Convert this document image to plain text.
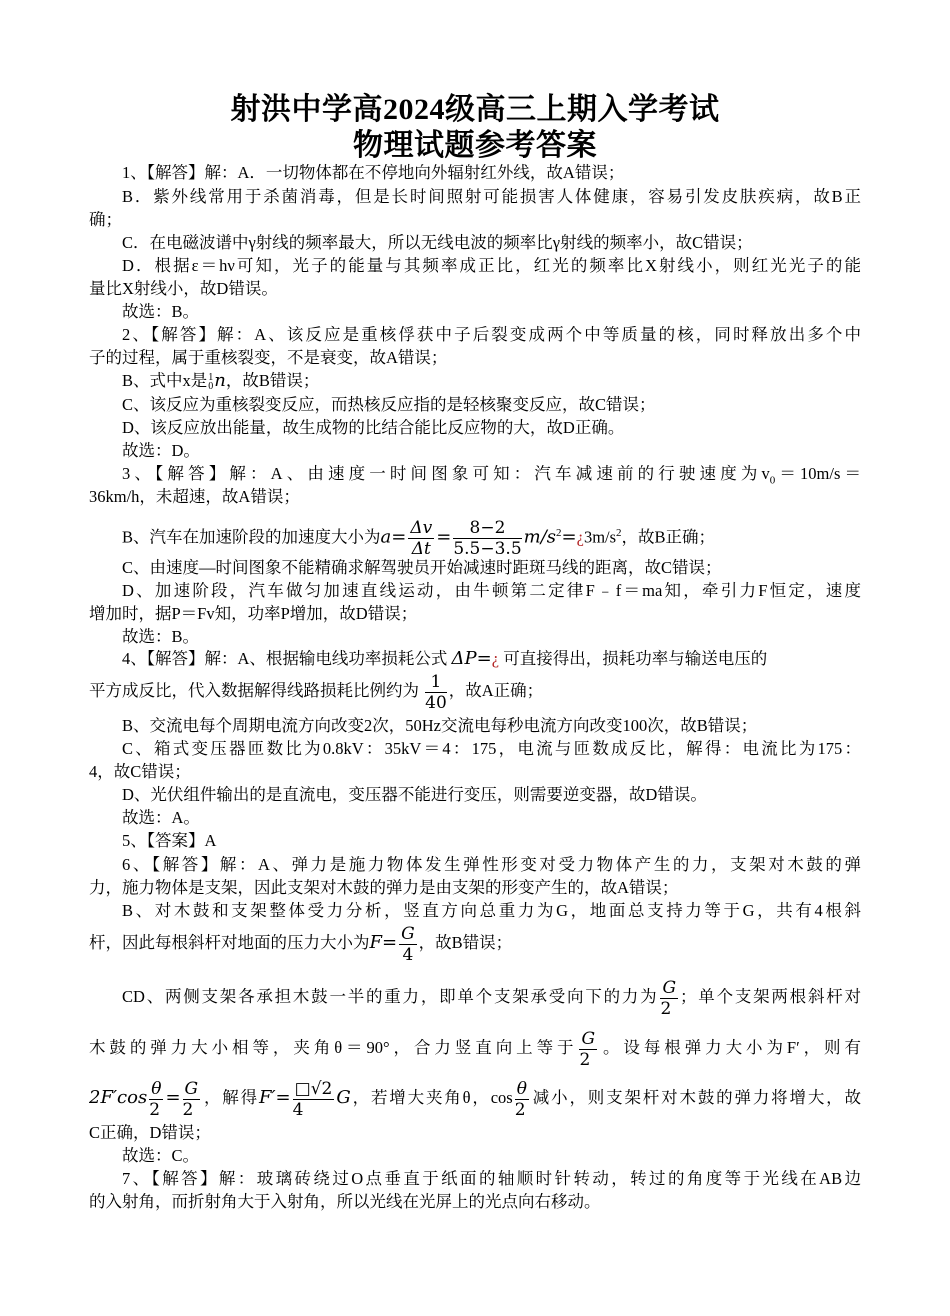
射洪中学高2024级高三上期入学考试
物理试题参考答案
1、【解答】解：A．一切物体都在不停地向外辐射红外线，故A错误；
B．紫外线常用于杀菌消毒，但是长时间照射可能损害人体健康，容易引发皮肤疾病，故B正
确；
C．在电磁波谱中γ射线的频率最大，所以无线电波的频率比γ射线的频率小，故C错误；
D．根据ε＝hν可知，光子的能量与其频率成正比，红光的频率比X射线小，则红光光子的能
量比X射线小，故D错误。
故选：B。
2、【解答】解：A、该反应是重核俘获中子后裂变成两个中等质量的核，同时释放出多个中
子的过程，属于重核裂变，不是衰变，故A错误；
B、式中x是 1
0 n，故B错误；
C、该反应为重核裂变反应，而热核反应指的是轻核聚变反应，故C错误；
D、该反应放出能量，故生成物的比结合能比反应物的大，故D正确。
故选：D。
3、【解答】解：A、由速度一时间图象可知：汽车减速前的行驶速度为$v_0=10m/s=$
36km/h，未超速，故A错误；
B、汽车在加速阶段的加速度大小为$a= \frac{\Delta v}{\Delta t} = \frac{8-2}{5.5-3.5}$ $m/s^2=¿3m/s^2$，故B正确；
C、由速度—时间图象不能精确求解驾驶员开始减速时距斑马线的距离，故C错误；
D、加速阶段，汽车做匀加速直线运动，由牛顿第二定律F﹣f＝ma知，牵引力F恒定，速度
增加时，据P＝Fv知，功率P增加，故D错误；
故选：B。
4、【解答】解：A、根据输电线功率损耗公式 ΔP=¿ 可直接得出，损耗功率与输送电压的
平方成反比，代入数据解得线路损耗比例约为 $\frac{1}{40}$ ，故A正确；
B、交流电每个周期电流方向改变2次，50Hz交流电每秒电流方向改变100次，故B错误；
C、箱式变压器匝数比为0.8kV：35kV＝4：175，电流与匝数成反比，解得：电流比为175：
4，故C错误；
D、光伏组件输出的是直流电，变压器不能进行变压，则需要逆变器，故D错误。
故选：A。
5、【答案】A
6、【解答】解：A、弹力是施力物体发生弹性形变对受力物体产生的力，支架对木鼓的弹
力，施力物体是支架，因此支架对木鼓的弹力是由支架的形变产生的，故A错误；
B、对木鼓和支架整体受力分析，竖直方向总重力为G，地面总支持力等于G，共有4根斜
杆，因此每根斜杆对地面的压力大小为$F= \frac{G}{4}$ ，故B错误；
CD、两侧支架各承担木鼓一半的重力，即单个支架承受向下的力为 $\frac{G}{2}$ ；单个支架两根斜杆对
木鼓的弹力大小相等，夹角θ＝90°，合力竖直向上等于 $\frac{G}{2}$ 。设每根弹力大小为F′，则有
$2F'\cos \frac{\theta}{2} = \frac{G}{2}$ ，解得$F'= \frac{□√2}{4}$ G，若增大夹角θ，$\cos \frac{\theta}{2}$ 减小，则支架杆对木鼓的弹力将增大，故
C正确，D错误；
故选：C。
7、【解答】解：玻璃砖绕过O点垂直于纸面的轴顺时针转动，转过的角度等于光线在AB边
的入射角，而折射角大于入射角，所以光线在光屏上的光点向右移动。
